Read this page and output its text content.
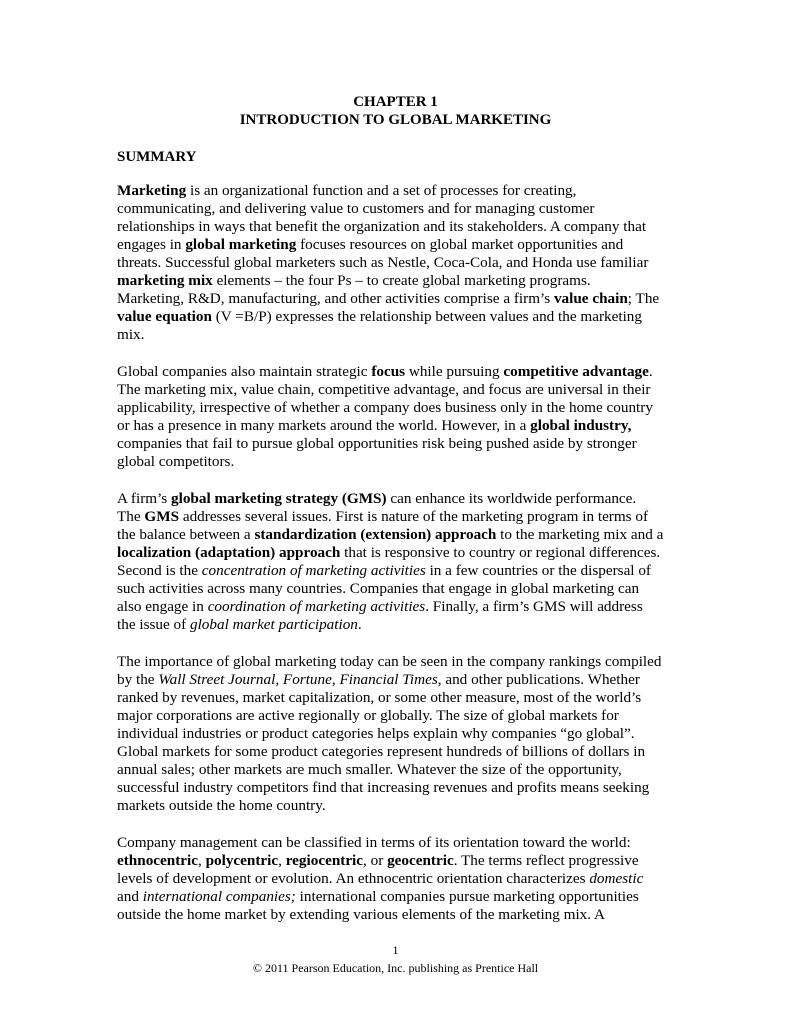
CHAPTER 1
INTRODUCTION TO GLOBAL MARKETING
SUMMARY
Marketing is an organizational function and a set of processes for creating,
communicating, and delivering value to customers and for managing customer
relationships in ways that benefit the organization and its stakeholders. A company that
engages in global marketing focuses resources on global market opportunities and
threats. Successful global marketers such as Nestle, Coca-Cola, and Honda use familiar
marketing mix elements – the four Ps – to create global marketing programs.
Marketing, R&D, manufacturing, and other activities comprise a firm’s value chain; The
value equation (V =B/P) expresses the relationship between values and the marketing
mix.
Global companies also maintain strategic focus while pursuing competitive advantage.
The marketing mix, value chain, competitive advantage, and focus are universal in their
applicability, irrespective of whether a company does business only in the home country
or has a presence in many markets around the world. However, in a global industry,
companies that fail to pursue global opportunities risk being pushed aside by stronger
global competitors.
A firm’s global marketing strategy (GMS) can enhance its worldwide performance.
The GMS addresses several issues. First is nature of the marketing program in terms of
the balance between a standardization (extension) approach to the marketing mix and a
localization (adaptation) approach that is responsive to country or regional differences.
Second is the concentration of marketing activities in a few countries or the dispersal of
such activities across many countries. Companies that engage in global marketing can
also engage in coordination of marketing activities. Finally, a firm’s GMS will address
the issue of global market participation.
The importance of global marketing today can be seen in the company rankings compiled
by the Wall Street Journal, Fortune, Financial Times, and other publications. Whether
ranked by revenues, market capitalization, or some other measure, most of the world’s
major corporations are active regionally or globally. The size of global markets for
individual industries or product categories helps explain why companies “go global”.
Global markets for some product categories represent hundreds of billions of dollars in
annual sales; other markets are much smaller. Whatever the size of the opportunity,
successful industry competitors find that increasing revenues and profits means seeking
markets outside the home country.
Company management can be classified in terms of its orientation toward the world:
ethnocentric, polycentric, regiocentric, or geocentric. The terms reflect progressive
levels of development or evolution. An ethnocentric orientation characterizes domestic
and international companies; international companies pursue marketing opportunities
outside the home market by extending various elements of the marketing mix. A
1
© 2011 Pearson Education, Inc. publishing as Prentice Hall
